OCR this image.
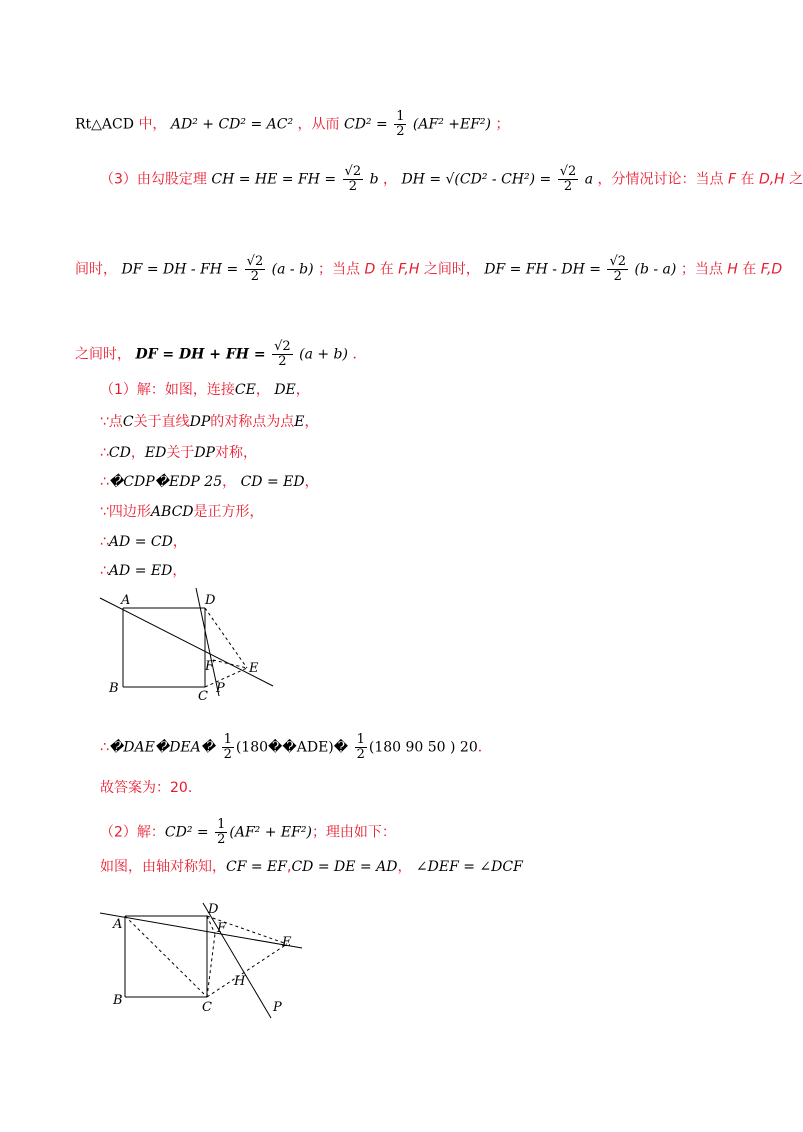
Rt△ACD 中， AD² + CD² = AC² ，从而 $CD^2 = \frac{1}{2} (AF^2 +EF^2)$ ；
（3）由勾股定理 CH = HE = FH = $\frac{√2}{2}$ b ， DH = $√(CD^2 - CH^2) = \frac{√2}{2}$ a ，分情况讨论：当点 F 在 D,H 之
间时， DF = DH - FH = $\frac{√2}{2} (a - b)$ ；当点 D 在 F,H 之间时， DF = FH - DH = $\frac{√2}{2} (b - a)$ ；当点 H 在 F,D
之间时， DF = DH + FH = $\frac{√2}{2} (a + b)$ ．
（1）解：如图，连接CE， DE，
∵点C关于直线DP的对称点为点E，
∴CD，ED关于DP对称，
∴�CDP�EDP 25， CD = ED，
∵四边形ABCD是正方形，
∴AD = CD，
∴AD = ED，
A	D
B
C
E
F
P
∴�DAE�DEA� $\frac{1}{2}$ (180��ADE)� $\frac{1}{2} (180$ 90 50 ) 20．
故答案为：20.
（2）解：$CD^2 = \frac{1}{2} (AF^2 + EF^2)$；理由如下：
如图，由轴对称知，CF = EF,CD = DE = AD， ∠DEF = ∠DCF
A
D
B	C
E
F
H
P
